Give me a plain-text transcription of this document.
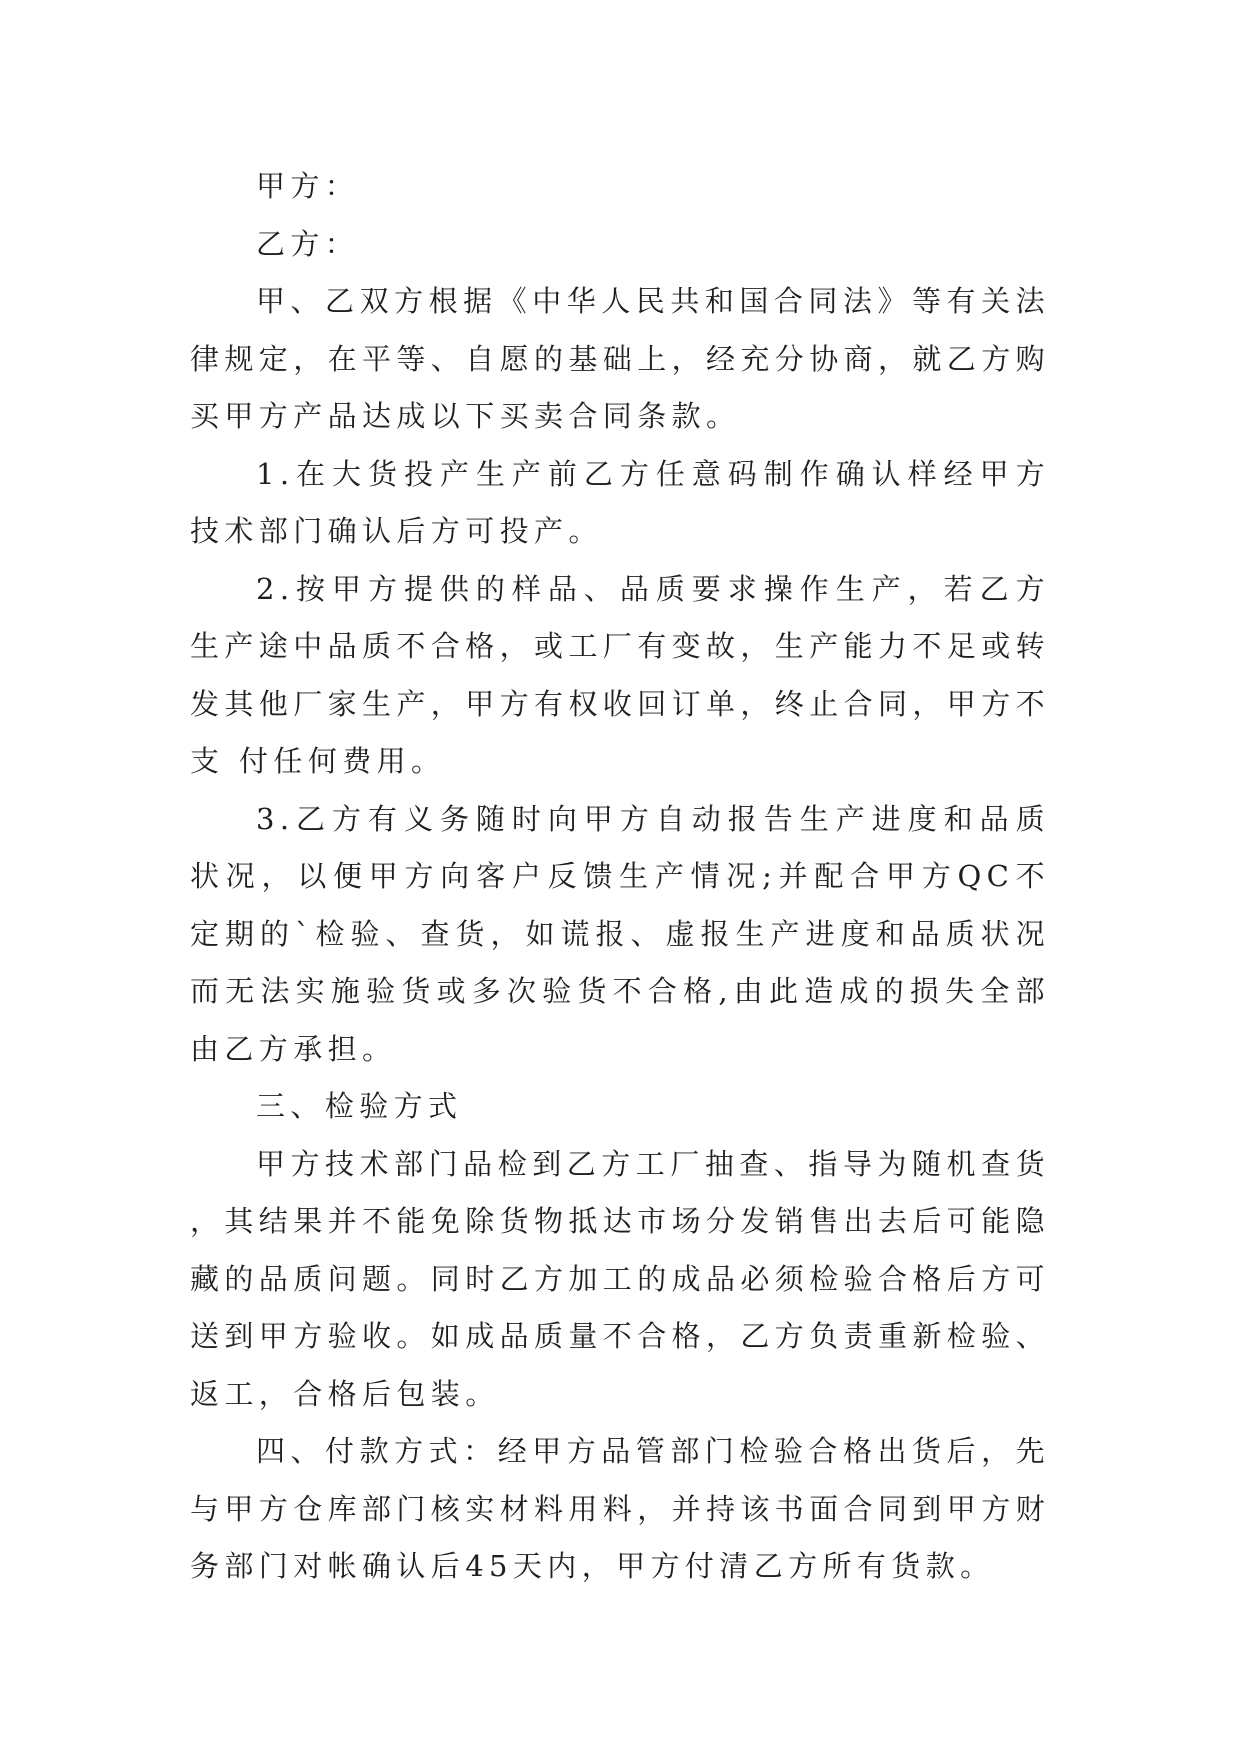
甲方：

乙方：

甲、乙双方根据《中华人民共和国合同法》等有关法律规定，在平等、自愿的基础上，经充分协商，就乙方购买甲方产品达成以下买卖合同条款。

1.在大货投产生产前乙方任意码制作确认样经甲方技术部门确认后方可投产。

2.按甲方提供的样品、品质要求操作生产，若乙方生产途中品质不合格，或工厂有变故，生产能力不足或转发其他厂家生产，甲方有权收回订单，终止合同，甲方不支 付任何费用。

3.乙方有义务随时向甲方自动报告生产进度和品质状况，以便甲方向客户反馈生产情况;并配合甲方QC不定期的`检验、查货，如谎报、虚报生产进度和品质状况而无法实施验货或多次验货不合格,由此造成的损失全部由乙方承担。

三、检验方式

甲方技术部门品检到乙方工厂抽查、指导为随机查货，其结果并不能免除货物抵达市场分发销售出去后可能隐藏的品质问题。同时乙方加工的成品必须检验合格后方可送到甲方验收。如成品质量不合格，乙方负责重新检验、返工，合格后包装。

四、付款方式：经甲方品管部门检验合格出货后，先与甲方仓库部门核实材料用料，并持该书面合同到甲方财务部门对帐确认后45天内，甲方付清乙方所有货款。
